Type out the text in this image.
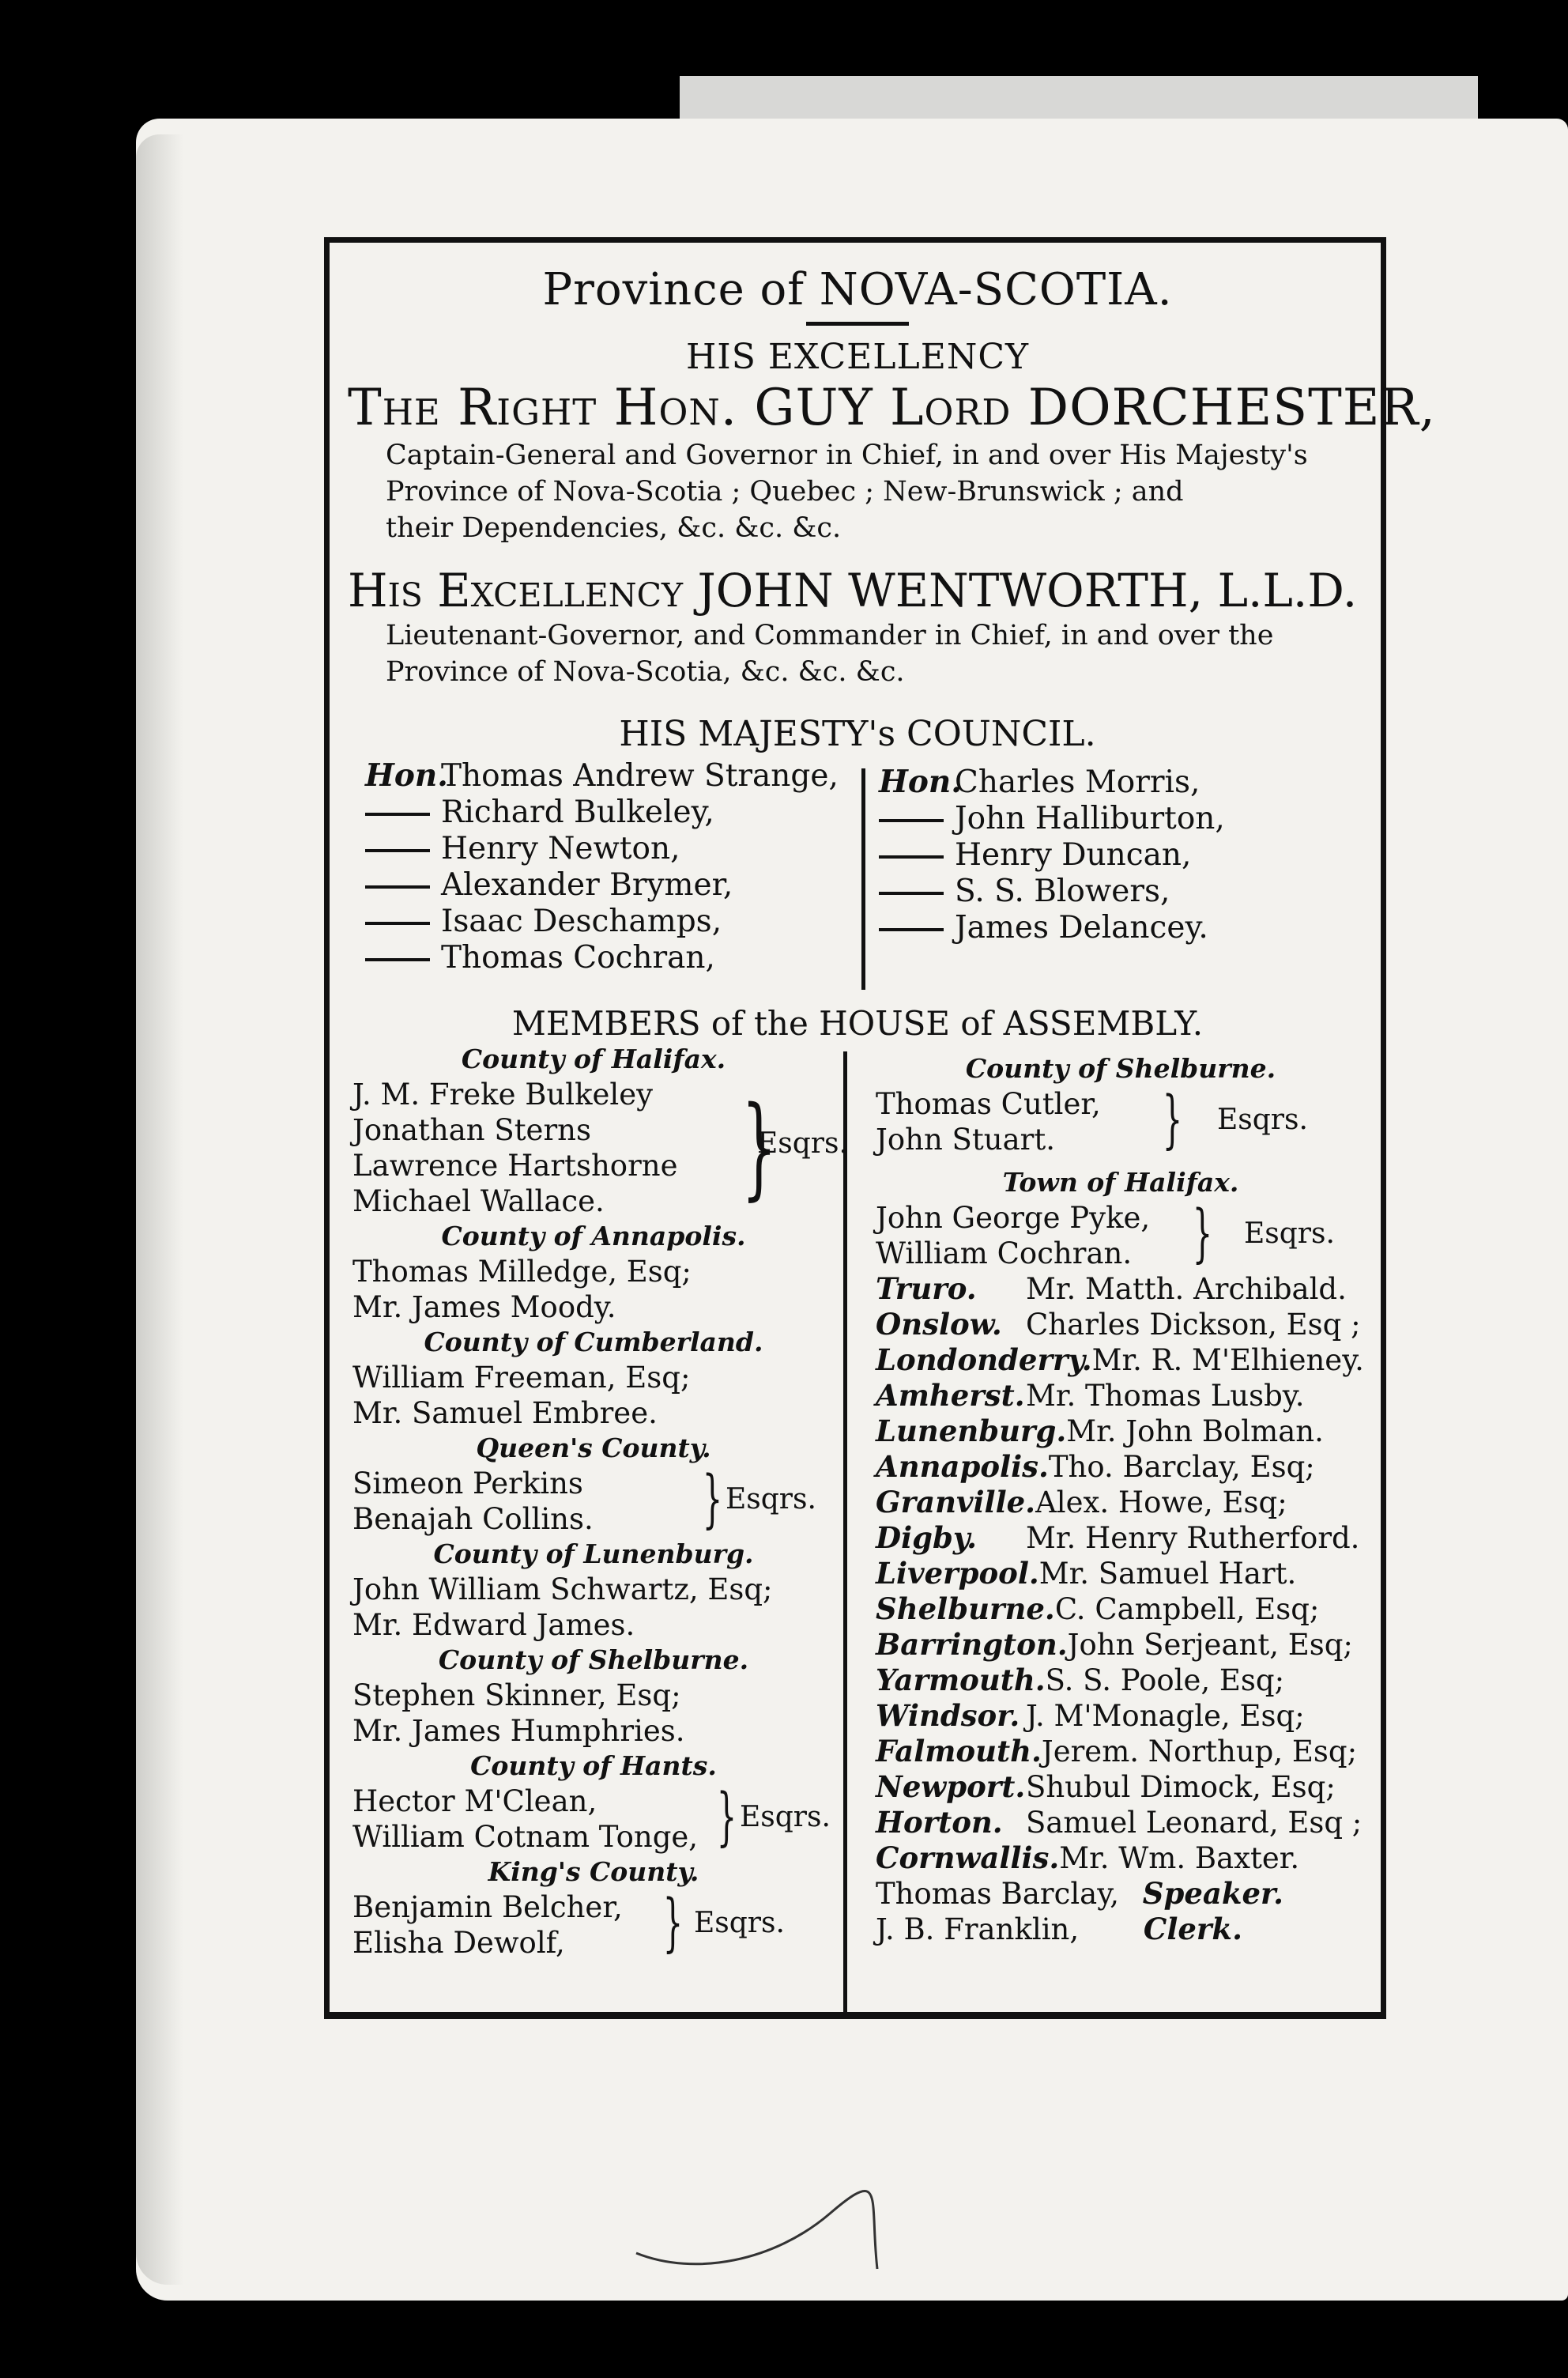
Province of NOVA-SCOTIA.
HIS EXCELLENCY
The Right Hon. GUY Lord DORCHESTER,
Captain-General and Governor in Chief, in and over His Majesty's
Province of Nova-Scotia ; Quebec ; New-Brunswick ; and
their Dependencies, &c. &c. &c.
His Excellency JOHN WENTWORTH, L.L.D.
Lieutenant-Governor, and Commander in Chief, in and over the
Province of Nova-Scotia, &c. &c. &c.
HIS MAJESTY's COUNCIL.
Hon.Thomas Andrew Strange,
Richard Bulkeley,
Henry Newton,
Alexander Brymer,
Isaac Deschamps,
Thomas Cochran,
Hon.Charles Morris,
John Halliburton,
Henry Duncan,
S. S. Blowers,
James Delancey.
MEMBERS of the HOUSE of ASSEMBLY.
County of Halifax.
J. M. Freke Bulkeley
Jonathan Sterns
Lawrence Hartshorne
Michael Wallace.	}
Esqrs.
County of Annapolis.
Thomas Milledge, Esq;
Mr. James Moody.
County of Cumberland.
William Freeman, Esq;
Mr. Samuel Embree.
Queen's County.
Simeon Perkins
Benajah Collins.	} Esqrs.
County of Lunenburg.
John William Schwartz, Esq;
Mr. Edward James.
County of Shelburne.
Stephen Skinner, Esq;
Mr. James Humphries.
County of Hants.
Hector M'Clean,
William Cotnam Tonge, } Esqrs.
King's County.
Benjamin Belcher,
Elisha Dewolf,	} Esqrs.
County of Shelburne.
Thomas Cutler,
John Stuart.	} Esqrs.
Town of Halifax.
John George Pyke,
William Cochran. } Esqrs.
Truro. Mr. Matth. Archibald.
Onslow. Charles Dickson, Esq ;
Londonderry.Mr. R. M'Elhieney.
Amherst.Mr. Thomas Lusby.
Lunenburg.Mr. John Bolman.
Annapolis.Tho. Barclay, Esq;
Granville.Alex. Howe, Esq;
Digby. Mr. Henry Rutherford.
Liverpool.Mr. Samuel Hart.
Shelburne.C. Campbell, Esq;
Barrington.John Serjeant, Esq;
Yarmouth.S. S. Poole, Esq;
Windsor. J. M'Monagle, Esq;
Falmouth.Jerem. Northup, Esq;
Newport.Shubul Dimock, Esq;
Horton. Samuel Leonard, Esq ;
Cornwallis.Mr. Wm. Baxter.
Thomas Barclay, Speaker.
J. B. Franklin, Clerk.
